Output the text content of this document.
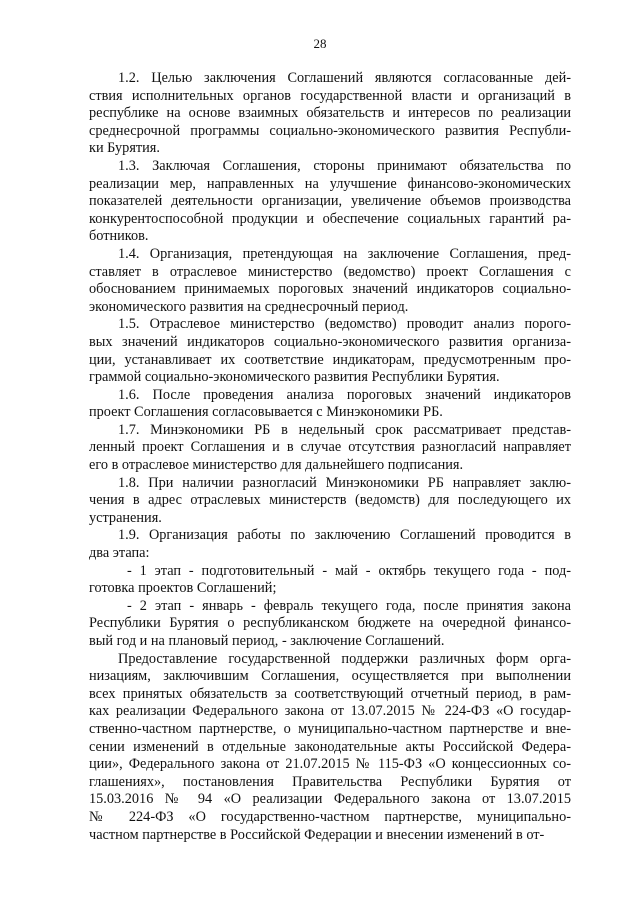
28
1.2. Целью заключения Соглашений являются согласованные дей-
ствия исполнительных органов государственной власти и организаций в
республике на основе взаимных обязательств и интересов по реализации
среднесрочной программы социально-экономического развития Республи-
ки Бурятия.
1.3. Заключая Соглашения, стороны принимают обязательства по
реализации мер, направленных на улучшение финансово-экономических
показателей деятельности организации, увеличение объемов производства
конкурентоспособной продукции и обеспечение социальных гарантий ра-
ботников.
1.4. Организация, претендующая на заключение Соглашения, пред-
ставляет в отраслевое министерство (ведомство) проект Соглашения с
обоснованием принимаемых пороговых значений индикаторов социально-
экономического развития на среднесрочный период.
1.5. Отраслевое министерство (ведомство) проводит анализ порого-
вых значений индикаторов социально-экономического развития организа-
ции, устанавливает их соответствие индикаторам, предусмотренным про-
граммой социально-экономического развития Республики Бурятия.
1.6. После проведения анализа пороговых значений индикаторов
проект Соглашения согласовывается с Минэкономики РБ.
1.7. Минэкономики РБ в недельный срок рассматривает представ-
ленный проект Соглашения и в случае отсутствия разногласий направляет
его в отраслевое министерство для дальнейшего подписания.
1.8. При наличии разногласий Минэкономики РБ направляет заклю-
чения в адрес отраслевых министерств (ведомств) для последующего их
устранения.
1.9. Организация работы по заключению Соглашений проводится в
два этапа:
- 1 этап - подготовительный - май - октябрь текущего года - под-
готовка проектов Соглашений;
- 2 этап - январь - февраль текущего года, после принятия закона
Республики Бурятия о республиканском бюджете на очередной финансо-
вый год и на плановый период, - заключение Соглашений.
Предоставление государственной поддержки различных форм орга-
низациям, заключившим Соглашения, осуществляется при выполнении
всех принятых обязательств за соответствующий отчетный период, в рам-
ках реализации Федерального закона от 13.07.2015 № 224-ФЗ «О государ-
ственно-частном партнерстве, о муниципально-частном партнерстве и вне-
сении изменений в отдельные законодательные акты Российской Федера-
ции», Федерального закона от 21.07.2015 № 115-ФЗ «О концессионных со-
глашениях», постановления Правительства Республики Бурятия от
15.03.2016 № 94 «О реализации Федерального закона от 13.07.2015
№ 224-ФЗ «О государственно-частном партнерстве, муниципально-
частном партнерстве в Российской Федерации и внесении изменений в от-
